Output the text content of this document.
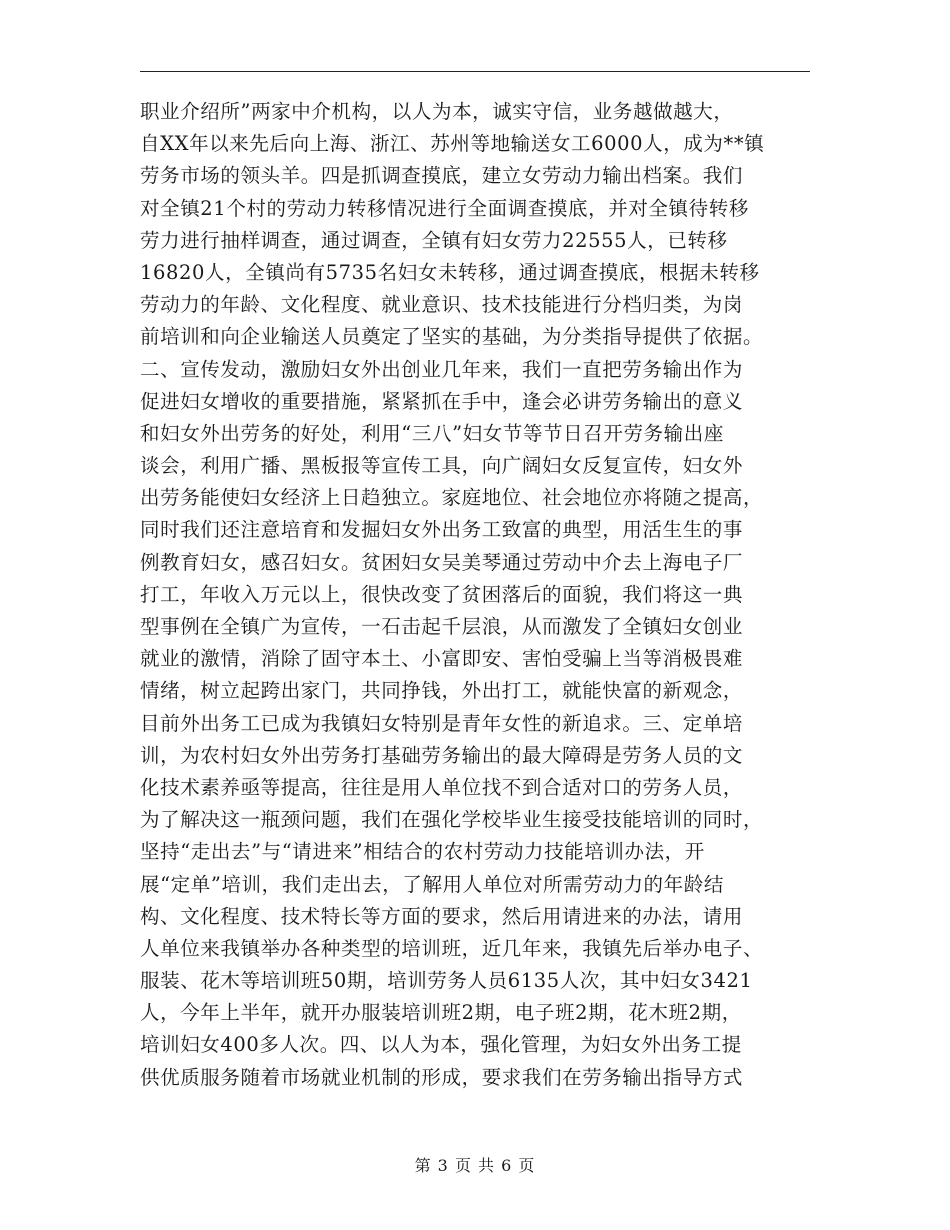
职业介绍所”两家中介机构，以人为本，诚实守信，业务越做越大，
自XX年以来先后向上海、浙江、苏州等地输送女工6000人，成为**镇
劳务市场的领头羊。四是抓调查摸底，建立女劳动力输出档案。我们
对全镇21个村的劳动力转移情况进行全面调查摸底，并对全镇待转移
劳力进行抽样调查，通过调查，全镇有妇女劳力22555人，已转移
16820人，全镇尚有5735名妇女未转移，通过调查摸底，根据未转移
劳动力的年龄、文化程度、就业意识、技术技能进行分档归类，为岗
前培训和向企业输送人员奠定了坚实的基础，为分类指导提供了依据。
二、宣传发动，激励妇女外出创业几年来，我们一直把劳务输出作为
促进妇女增收的重要措施，紧紧抓在手中，逢会必讲劳务输出的意义
和妇女外出劳务的好处，利用“三八”妇女节等节日召开劳务输出座
谈会，利用广播、黑板报等宣传工具，向广阔妇女反复宣传，妇女外
出劳务能使妇女经济上日趋独立。家庭地位、社会地位亦将随之提高，
同时我们还注意培育和发掘妇女外出务工致富的典型，用活生生的事
例教育妇女，感召妇女。贫困妇女吴美琴通过劳动中介去上海电子厂
打工，年收入万元以上，很快改变了贫困落后的面貌，我们将这一典
型事例在全镇广为宣传，一石击起千层浪，从而激发了全镇妇女创业
就业的激情，消除了固守本土、小富即安、害怕受骗上当等消极畏难
情绪，树立起跨出家门，共同挣钱，外出打工，就能快富的新观念，
目前外出务工已成为我镇妇女特别是青年女性的新追求。三、定单培
训，为农村妇女外出劳务打基础劳务输出的最大障碍是劳务人员的文
化技术素养亟等提高，往往是用人单位找不到合适对口的劳务人员，
为了解决这一瓶颈问题，我们在强化学校毕业生接受技能培训的同时，
坚持“走出去”与“请进来”相结合的农村劳动力技能培训办法，开
展“定单”培训，我们走出去，了解用人单位对所需劳动力的年龄结
构、文化程度、技术特长等方面的要求，然后用请进来的办法，请用
人单位来我镇举办各种类型的培训班，近几年来，我镇先后举办电子、
服装、花木等培训班50期，培训劳务人员6135人次，其中妇女3421
人，今年上半年，就开办服装培训班2期，电子班2期，花木班2期，
培训妇女400多人次。四、以人为本，强化管理，为妇女外出务工提
供优质服务随着市场就业机制的形成，要求我们在劳务输出指导方式
第 3 页 共 6 页
